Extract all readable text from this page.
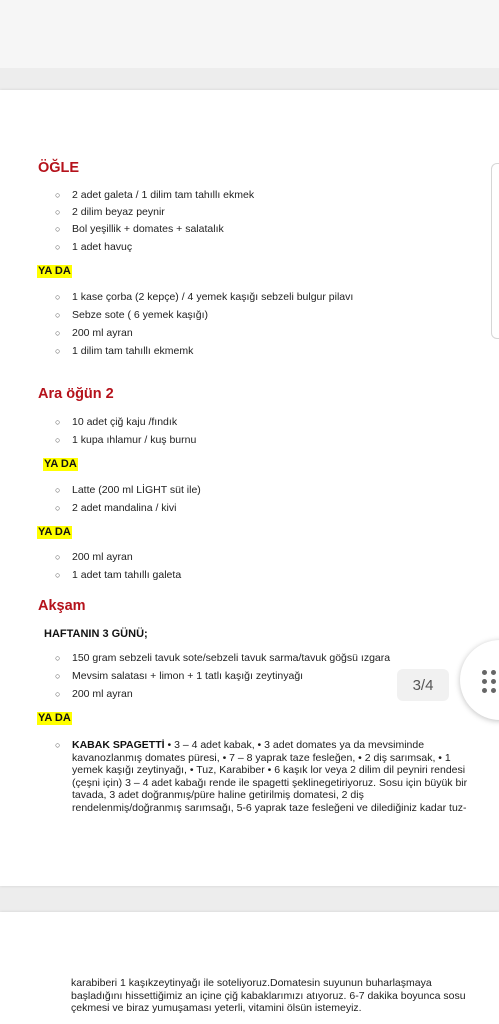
ÖĞLE
○ 2 adet galeta / 1 dilim tam tahıllı ekmek
○ 2 dilim beyaz peynir
○ Bol yeşillik + domates + salatalık
○ 1 adet havuç
YA DA
○ 1 kase çorba (2 kepçe) / 4 yemek kaşığı sebzeli bulgur pilavı
○ Sebze sote ( 6 yemek kaşığı)
○ 200 ml ayran
○ 1 dilim tam tahıllı ekmemk
Ara öğün 2
○ 10 adet çiğ kaju /fındık
○ 1 kupa ıhlamur / kuş burnu
YA DA
○ Latte (200 ml LİGHT süt ile)
○ 2 adet mandalina / kivi
YA DA
○ 200 ml ayran
○ 1 adet tam tahıllı galeta
Akşam
HAFTANIN 3 GÜNÜ;
○ 150 gram sebzeli tavuk sote/sebzeli tavuk sarma/tavuk göğsü ızgara
○ Mevsim salatası + limon + 1 tatlı kaşığı zeytinyağı
○ 200 ml ayran
YA DA
○ KABAK SPAGETTİ • 3 – 4 adet kabak, • 3 adet domates ya da mevsiminde kavanozlanmış domates püresi, • 7 – 8 yaprak taze fesleğen, • 2 diş sarımsak, • 1 yemek kaşığı zeytinyağı, • Tuz, Karabiber • 6 kaşık lor veya 2 dilim dil peyniri rendesi (çeşni için) 3 – 4 adet kabağı rende ile spagetti şeklinegetiriyoruz. Sosu için büyük bir tavada, 3 adet doğranmış/püre haline getirilmiş domatesi, 2 diş rendelenmiş/doğranmış sarımsağı, 5-6 yaprak taze fesleğeni ve dilediğiniz kadar tuz-
karabiberi 1 kaşıkzeytinyağı ile soteliyoruz.Domatesin suyunun buharlaşmaya başladığını hissettiğimiz an içine çiğ kabaklarımızı atıyoruz. 6-7 dakika boyunca sosu çekmesi ve biraz yumuşaması yeterli, vitamini ölsün istemeyiz.
3/4
